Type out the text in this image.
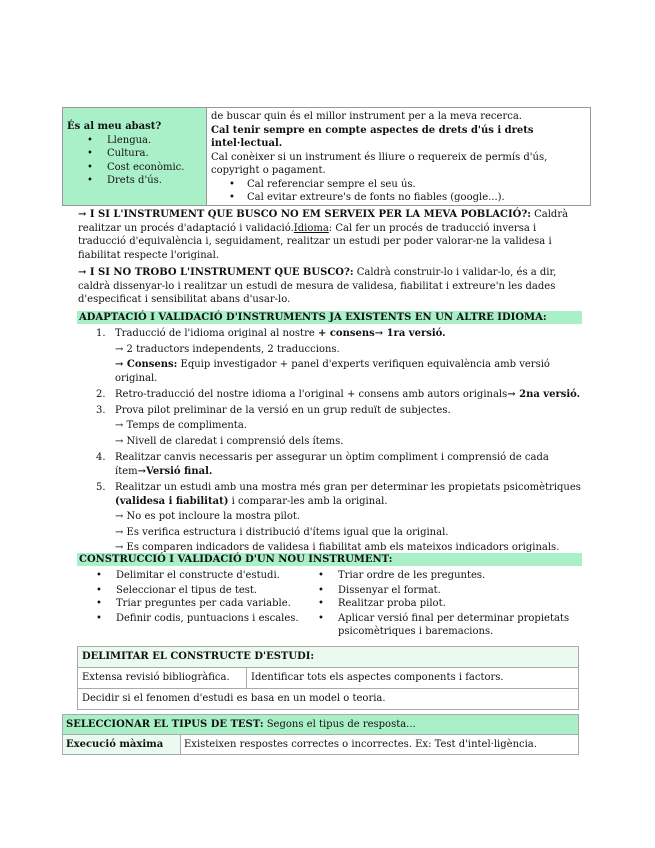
És al meu abast?
• Llengua.
• Cultura.
• Cost econòmic.
• Drets d'ús.

de buscar quin és el millor instrument per a la meva recerca.
Cal tenir sempre en compte aspectes de drets d'ús i drets intel·lectual.
Cal conèixer si un instrument és lliure o requereix de permís d'ús,
copyright o pagament.
• Cal referenciar sempre el seu ús.
• Cal evitar extreure's de fonts no fiables (google...).
→ I SI L'INSTRUMENT QUE BUSCO NO EM SERVEIX PER LA MEVA POBLACIÓ?: Caldrà realitzar un procés d'adaptació i validació.Idioma: Cal fer un procés de traducció inversa i traducció d'equivalència i, seguidament, realitzar un estudi per poder valorar-ne la validesa i fiabilitat respecte l'original.
→ I SI NO TROBO L'INSTRUMENT QUE BUSCO?: Caldrà construir-lo i validar-lo, és a dir, caldrà dissenyar-lo i realitzar un estudi de mesura de validesa, fiabilitat i extreure'n les dades d'especificat i sensibilitat abans d'usar-lo.
ADAPTACIÓ I VALIDACIÓ D'INSTRUMENTS JA EXISTENTS EN UN ALTRE IDIOMA:
1. Traducció de l'idioma original al nostre + consens→ 1ra versió.
→ 2 traductors independents, 2 traduccions.
→ Consens: Equip investigador + panel d'experts verifiquen equivalència amb versió original.
2. Retro-traducció del nostre idioma a l'original + consens amb autors originals→ 2na versió.
3. Prova pilot preliminar de la versió en un grup reduït de subjectes.
→ Temps de complimenta.
→ Nivell de claredat i comprensió dels ítems.
4. Realitzar canvis necessaris per assegurar un òptim compliment i comprensió de cada ítem→Versió final.
5. Realitzar un estudi amb una mostra més gran per determinar les propietats psicomètriques (validesa i fiabilitat) i comparar-les amb la original.
→ No es pot incloure la mostra pilot.
→ Es verifica estructura i distribució d'ítems igual que la original.
→ Es comparen indicadors de validesa i fiabilitat amb els mateixos indicadors originals.
CONSTRUCCIÓ I VALIDACIÓ D'UN NOU INSTRUMENT:
• Delimitar el constructe d'estudi.
• Seleccionar el tipus de test.
• Triar preguntes per cada variable.
• Definir codis, puntuacions i escales.
• Triar ordre de les preguntes.
• Dissenyar el format.
• Realitzar proba pilot.
• Aplicar versió final per determinar propietats psicomètriques i baremacions.
DELIMITAR EL CONSTRUCTE D'ESTUDI:
Extensa revisió bibliogràfica.	Identificar tots els aspectes components i factors.
Decidir si el fenomen d'estudi es basa en un model o teoria.
SELECCIONAR EL TIPUS DE TEST: Segons el tipus de resposta...
Execució màxima	Existeixen respostes correctes o incorrectes. Ex: Test d'intel·ligència.
